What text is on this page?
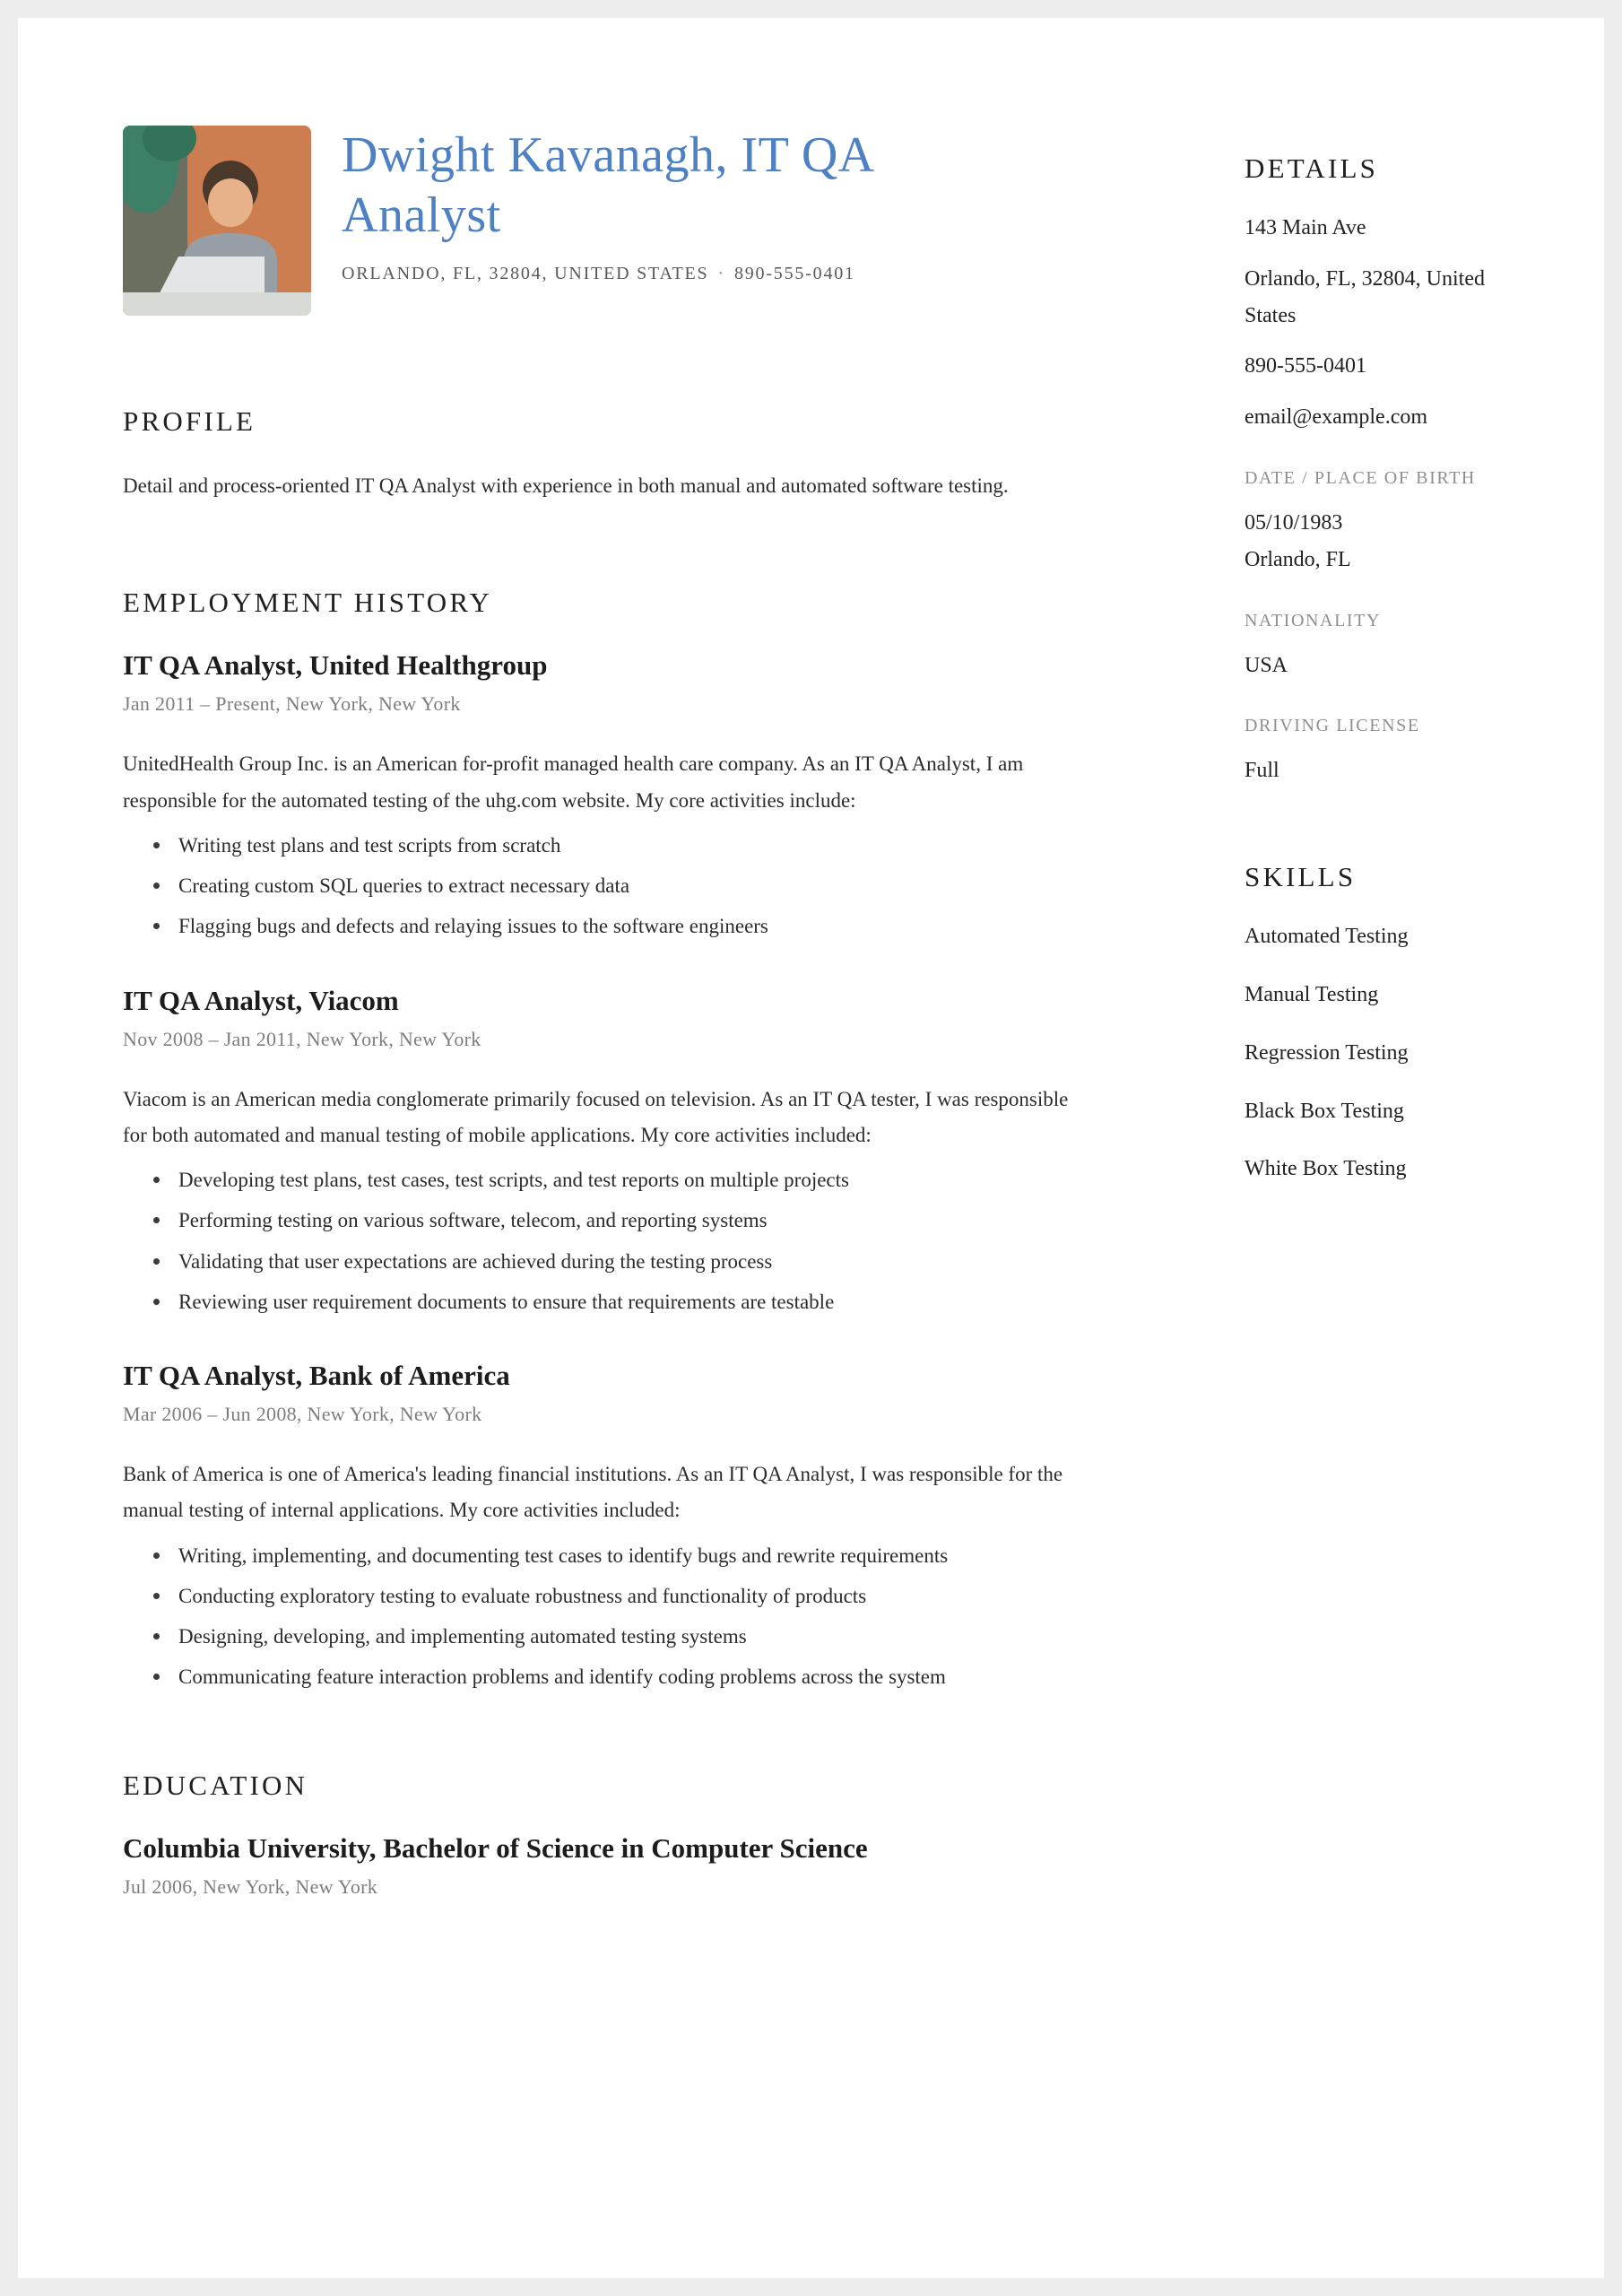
Dwight Kavanagh, IT QA Analyst
ORLANDO, FL, 32804, UNITED STATES · 890-555-0401
PROFILE

Detail and process-oriented IT QA Analyst with experience in both manual and automated software testing.

EMPLOYMENT HISTORY
IT QA Analyst, United Healthgroup

Jan 2011 – Present, New York, New York

UnitedHealth Group Inc. is an American for-profit managed health care company. As an IT QA Analyst, I am responsible for the automated testing of the uhg.com website. My core activities include:

Writing test plans and test scripts from scratch
Creating custom SQL queries to extract necessary data
Flagging bugs and defects and relaying issues to the software engineers
IT QA Analyst, Viacom

Nov 2008 – Jan 2011, New York, New York

Viacom is an American media conglomerate primarily focused on television. As an IT QA tester, I was responsible for both automated and manual testing of mobile applications. My core activities included:

Developing test plans, test cases, test scripts, and test reports on multiple projects
Performing testing on various software, telecom, and reporting systems
Validating that user expectations are achieved during the testing process
Reviewing user requirement documents to ensure that requirements are testable
IT QA Analyst, Bank of America

Mar 2006 – Jun 2008, New York, New York

Bank of America is one of America's leading financial institutions. As an IT QA Analyst, I was responsible for the manual testing of internal applications. My core activities included:

Writing, implementing, and documenting test cases to identify bugs and rewrite requirements
Conducting exploratory testing to evaluate robustness and functionality of products
Designing, developing, and implementing automated testing systems
Communicating feature interaction problems and identify coding problems across the system
EDUCATION
Columbia University, Bachelor of Science in Computer Science

Jul 2006, New York, New York

DETAILS

143 Main Ave

Orlando, FL, 32804, United States

890-555-0401

email@example.com

DATE / PLACE OF BIRTH

05/10/1983

Orlando, FL

NATIONALITY

USA

DRIVING LICENSE

Full

SKILLS
Automated Testing
Manual Testing
Regression Testing
Black Box Testing
White Box Testing
